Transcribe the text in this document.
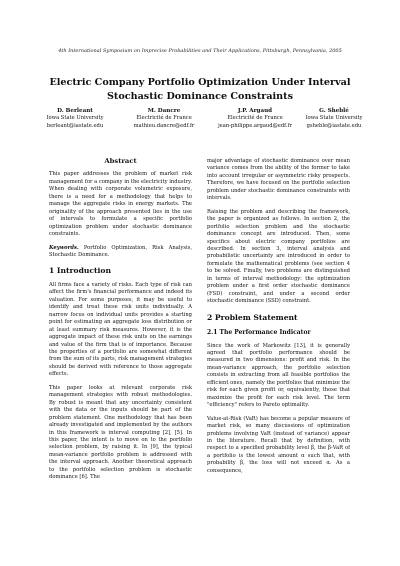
4th International Symposium on Imprecise Probabilities and Their Applications, Pittsburgh, Pennsylvania, 2005
Electric Company Portfolio Optimization Under Interval Stochastic Dominance Constraints
D. Berleant
Iowa State University
berleant@iastate.edu
M. Dancre
Electricité de France
mathieu.dancre@edf.fr
J.P. Argaud
Electricité de France
jean-philippe.argaud@edf.fr
G. Sheblé
Iowa State University
gsheble@iastate.edu
Abstract

This paper addresses the problem of market risk management for a company in the electricity industry. When dealing with corporate volumetric exposure, there is a need for a methodology that helps to manage the aggregate risks in energy markets. The originality of the approach presented lies in the use of intervals to formulate a specific portfolio optimization problem under stochastic dominance constraints.

Keywords. Portfolio Optimization, Risk Analysis, Stochastic Dominance.

1 Introduction

All firms face a variety of risks. Each type of risk can affect the firm's financial performance and indeed its valuation. For some purposes, it may be useful to identify and treat these risk units individually. A narrow focus on individual units provides a starting point for estimating an aggregate loss distribution or at least summary risk measures. However, it is the aggregate impact of these risk units on the earnings and value of the firm that is of importance. Because the properties of a portfolio are somewhat different from the sum of its parts, risk management strategies should be derived with reference to those aggregate effects.

This paper looks at relevant corporate risk management strategies with robust methodologies. By robust is meant that any uncertainty consistent with the data or the inputs should be part of the problem statement. One methodology that has been already investigated and implemented by the authors in this framework is interval computing [2], [5]. In this paper, the intent is to move on to the portfolio selection problem, by raising it. In [9], the typical mean-variance portfolio problem is addressed with the interval approach. Another theoretical approach to the portfolio selection problem is stochastic dominance [6]. The

major advantage of stochastic dominance over mean variance comes from the ability of the former to take into account irregular or asymmetric risky prospects. Therefore, we have focused on the portfolio selection problem under stochastic dominance constraints with intervals.

Raising the problem and describing the framework, the paper is organized as follows. In section 2, the portfolio selection problem and the stochastic dominance concept are introduced. Then, some specifics about electric company portfolios are described. In section 3, interval analysis and probabilistic uncertainty are introduced in order to formulate the mathematical problems (see section 4 to be solved. Finally, two problems are distinguished in terms of interval methodology: the optimization problem under a first order stochastic dominance (FSD) constraint, and under a second order stochastic dominance (SSD) constraint.

2 Problem Statement
2.1 The Performance Indicator

Since the work of Markowitz [13], it is generally agreed that portfolio performance should be measured in two dimensions: profit and risk. In the mean-variance approach, the portfolio selection consists in extracting from all feasible portfolios the efficient ones, namely the portfolios that minimize the risk for each given profit or, equivalently, those that maximize the profit for each risk level. The term "efficiency" refers to Pareto optimality.

Value-at-Risk (VaR) has become a popular measure of market risk, so many discussions of optimization problems involving VaR (instead of variance) appear in the literature. Recall that by definition, with respect to a specified probability level β, the β-VaR of a portfolio is the lowest amount α such that, with probability β, the loss will not exceed α. As a consequence,
